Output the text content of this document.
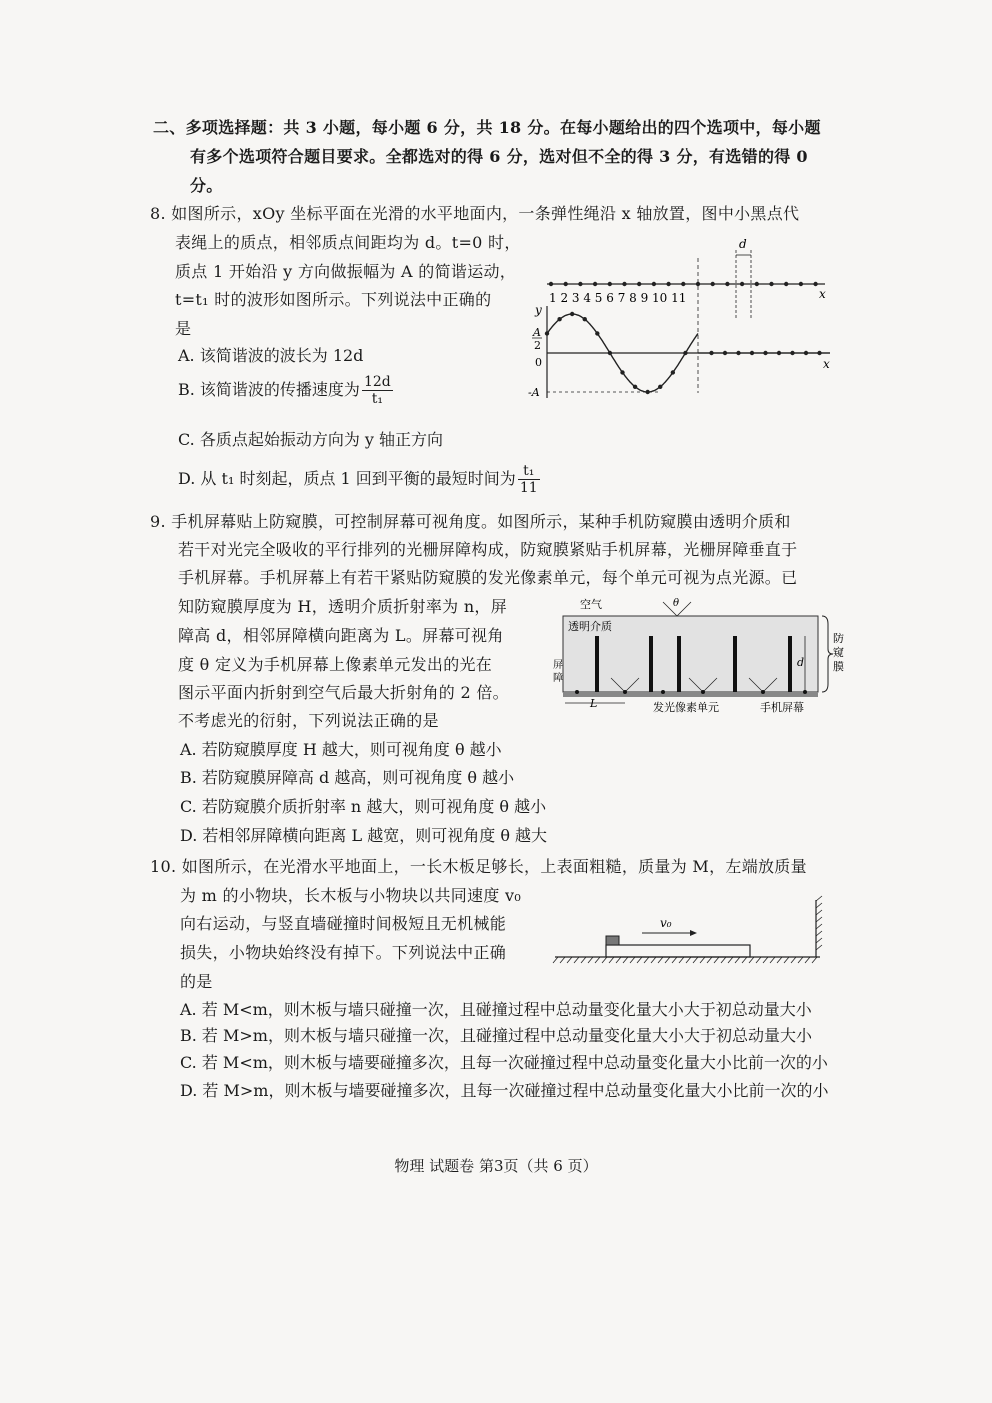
二、多项选择题：共 3 小题，每小题 6 分，共 18 分。在每小题给出的四个选项中，每小题
有多个选项符合题目要求。全都选对的得 6 分，选对但不全的得 3 分，有选错的得 0
分。
8. 如图所示，xOy 坐标平面在光滑的水平地面内，一条弹性绳沿 x 轴放置，图中小黑点代
表绳上的质点，相邻质点间距均为 d。t=0 时，
质点 1 开始沿 y 方向做振幅为 A 的简谐运动，
t=t₁ 时的波形如图所示。下列说法中正确的
是
A. 该简谐波的波长为 12d
B. 该简谐波的传播速度为 $\frac{12d}{\text{t₁}}$
C. 各质点起始振动方向为 y 轴正方向
D. 从 t₁ 时刻起，质点 1 回到平衡的最短时间为 $\frac{\text{t₁}}{11}$
x
d
1 2 3 4 5 6 7 8 9 10 11
y
x
A
2
0
-A
9. 手机屏幕贴上防窥膜，可控制屏幕可视角度。如图所示，某种手机防窥膜由透明介质和
若干对光完全吸收的平行排列的光栅屏障构成，防窥膜紧贴手机屏幕，光栅屏障垂直于
手机屏幕。手机屏幕上有若干紧贴防窥膜的发光像素单元，每个单元可视为点光源。已
知防窥膜厚度为 H，透明介质折射率为 n，屏
障高 d，相邻屏障横向距离为 L。屏幕可视角
度 θ 定义为手机屏幕上像素单元发出的光在
图示平面内折射到空气后最大折射角的 2 倍。
不考虑光的衍射，下列说法正确的是
A. 若防窥膜厚度 H 越大，则可视角度 θ 越小
B. 若防窥膜屏障高 d 越高，则可视角度 θ 越小
C. 若防窥膜介质折射率 n 越大，则可视角度 θ 越小
D. 若相邻屏障横向距离 L 越宽，则可视角度 θ 越大
空气	θ
透明介质
屏
障
d
防
窥
膜
L	发光像素单元	手机屏幕
10. 如图所示，在光滑水平地面上，一长木板足够长，上表面粗糙，质量为 M，左端放质量
为 m 的小物块，长木板与小物块以共同速度 v₀
向右运动，与竖直墙碰撞时间极短且无机械能
损失，小物块始终没有掉下。下列说法中正确
的是
A. 若 M<m，则木板与墙只碰撞一次，且碰撞过程中总动量变化量大小大于初总动量大小
B. 若 M>m，则木板与墙只碰撞一次，且碰撞过程中总动量变化量大小大于初总动量大小
C. 若 M<m，则木板与墙要碰撞多次，且每一次碰撞过程中总动量变化量大小比前一次的小
D. 若 M>m，则木板与墙要碰撞多次，且每一次碰撞过程中总动量变化量大小比前一次的小
v₀
物理 试题卷 第3页（共 6 页）
